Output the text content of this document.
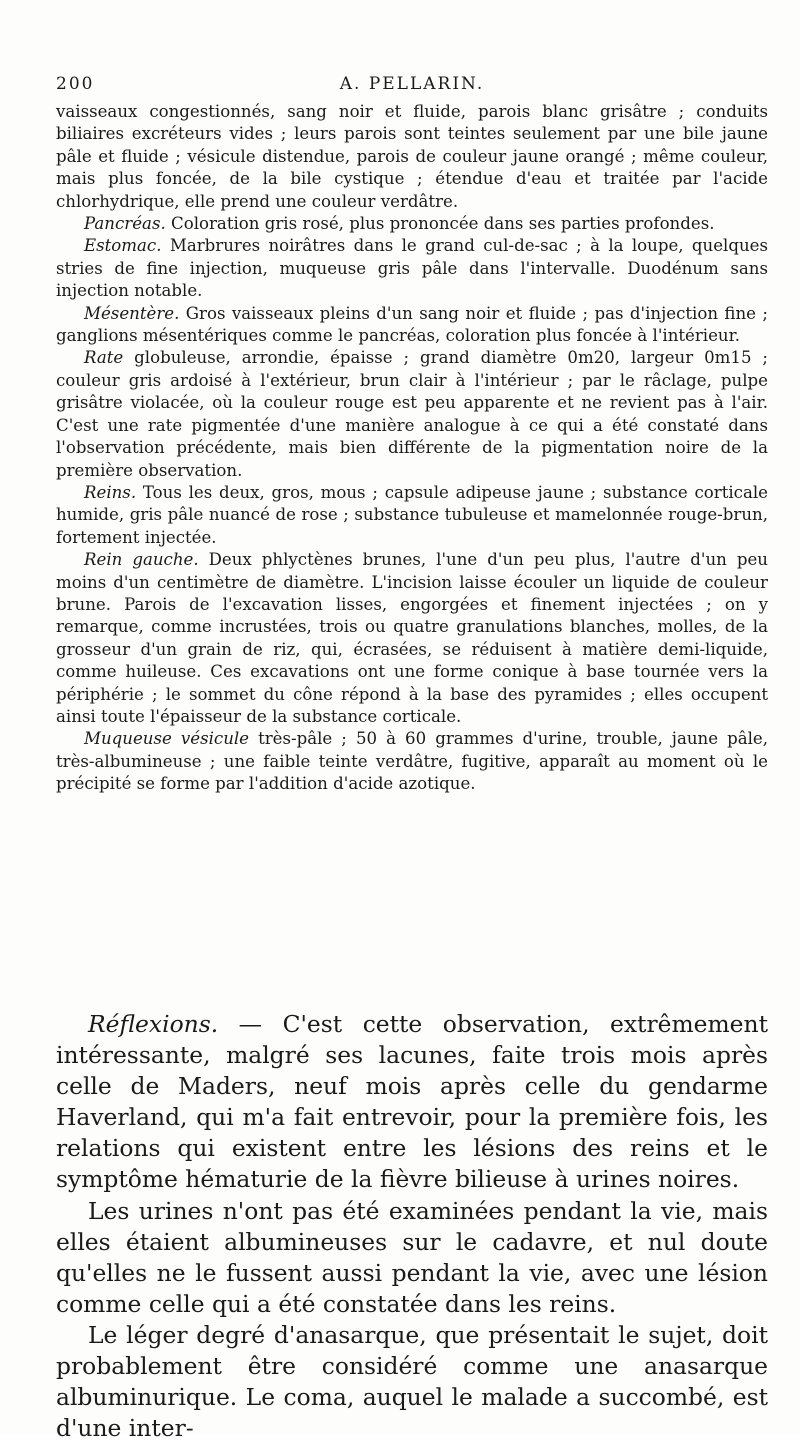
200	A. PELLARIN.

vaisseaux congestionnés, sang noir et fluide, parois blanc grisâtre ; conduits biliaires excréteurs vides ; leurs parois sont teintes seulement par une bile jaune pâle et fluide ; vésicule distendue, parois de couleur jaune orangé ; même couleur, mais plus foncée, de la bile cystique ; étendue d'eau et traitée par l'acide chlorhydrique, elle prend une couleur verdâtre.

Pancréas. Coloration gris rosé, plus prononcée dans ses parties profondes.

Estomac. Marbrures noirâtres dans le grand cul-de-sac ; à la loupe, quelques stries de fine injection, muqueuse gris pâle dans l'intervalle. Duodénum sans injection notable.

Mésentère. Gros vaisseaux pleins d'un sang noir et fluide ; pas d'injection fine ; ganglions mésentériques comme le pancréas, coloration plus foncée à l'intérieur.

Rate globuleuse, arrondie, épaisse ; grand diamètre 0m20, largeur 0m15 ; couleur gris ardoisé à l'extérieur, brun clair à l'intérieur ; par le râclage, pulpe grisâtre violacée, où la couleur rouge est peu apparente et ne revient pas à l'air. C'est une rate pigmentée d'une manière analogue à ce qui a été constaté dans l'observation précédente, mais bien différente de la pigmentation noire de la première observation.

Reins. Tous les deux, gros, mous ; capsule adipeuse jaune ; substance corticale humide, gris pâle nuancé de rose ; substance tubuleuse et mamelonnée rouge-brun, fortement injectée.

Rein gauche. Deux phlyctènes brunes, l'une d'un peu plus, l'autre d'un peu moins d'un centimètre de diamètre. L'incision laisse écouler un liquide de couleur brune. Parois de l'excavation lisses, engorgées et finement injectées ; on y remarque, comme incrustées, trois ou quatre granulations blanches, molles, de la grosseur d'un grain de riz, qui, écrasées, se réduisent à matière demi-liquide, comme huileuse. Ces excavations ont une forme conique à base tournée vers la périphérie ; le sommet du cône répond à la base des pyramides ; elles occupent ainsi toute l'épaisseur de la substance corticale.

Muqueuse vésicule très-pâle ; 50 à 60 grammes d'urine, trouble, jaune pâle, très-albumineuse ; une faible teinte verdâtre, fugitive, apparaît au moment où le précipité se forme par l'addition d'acide azotique.

Réflexions. — C'est cette observation, extrêmement intéressante, malgré ses lacunes, faite trois mois après celle de Maders, neuf mois après celle du gendarme Haverland, qui m'a fait entrevoir, pour la première fois, les relations qui existent entre les lésions des reins et le symptôme hématurie de la fièvre bilieuse à urines noires.

Les urines n'ont pas été examinées pendant la vie, mais elles étaient albumineuses sur le cadavre, et nul doute qu'elles ne le fussent aussi pendant la vie, avec une lésion comme celle qui a été constatée dans les reins.

Le léger degré d'anasarque, que présentait le sujet, doit probablement être considéré comme une anasarque albuminurique. Le coma, auquel le malade a succombé, est d'une inter-
